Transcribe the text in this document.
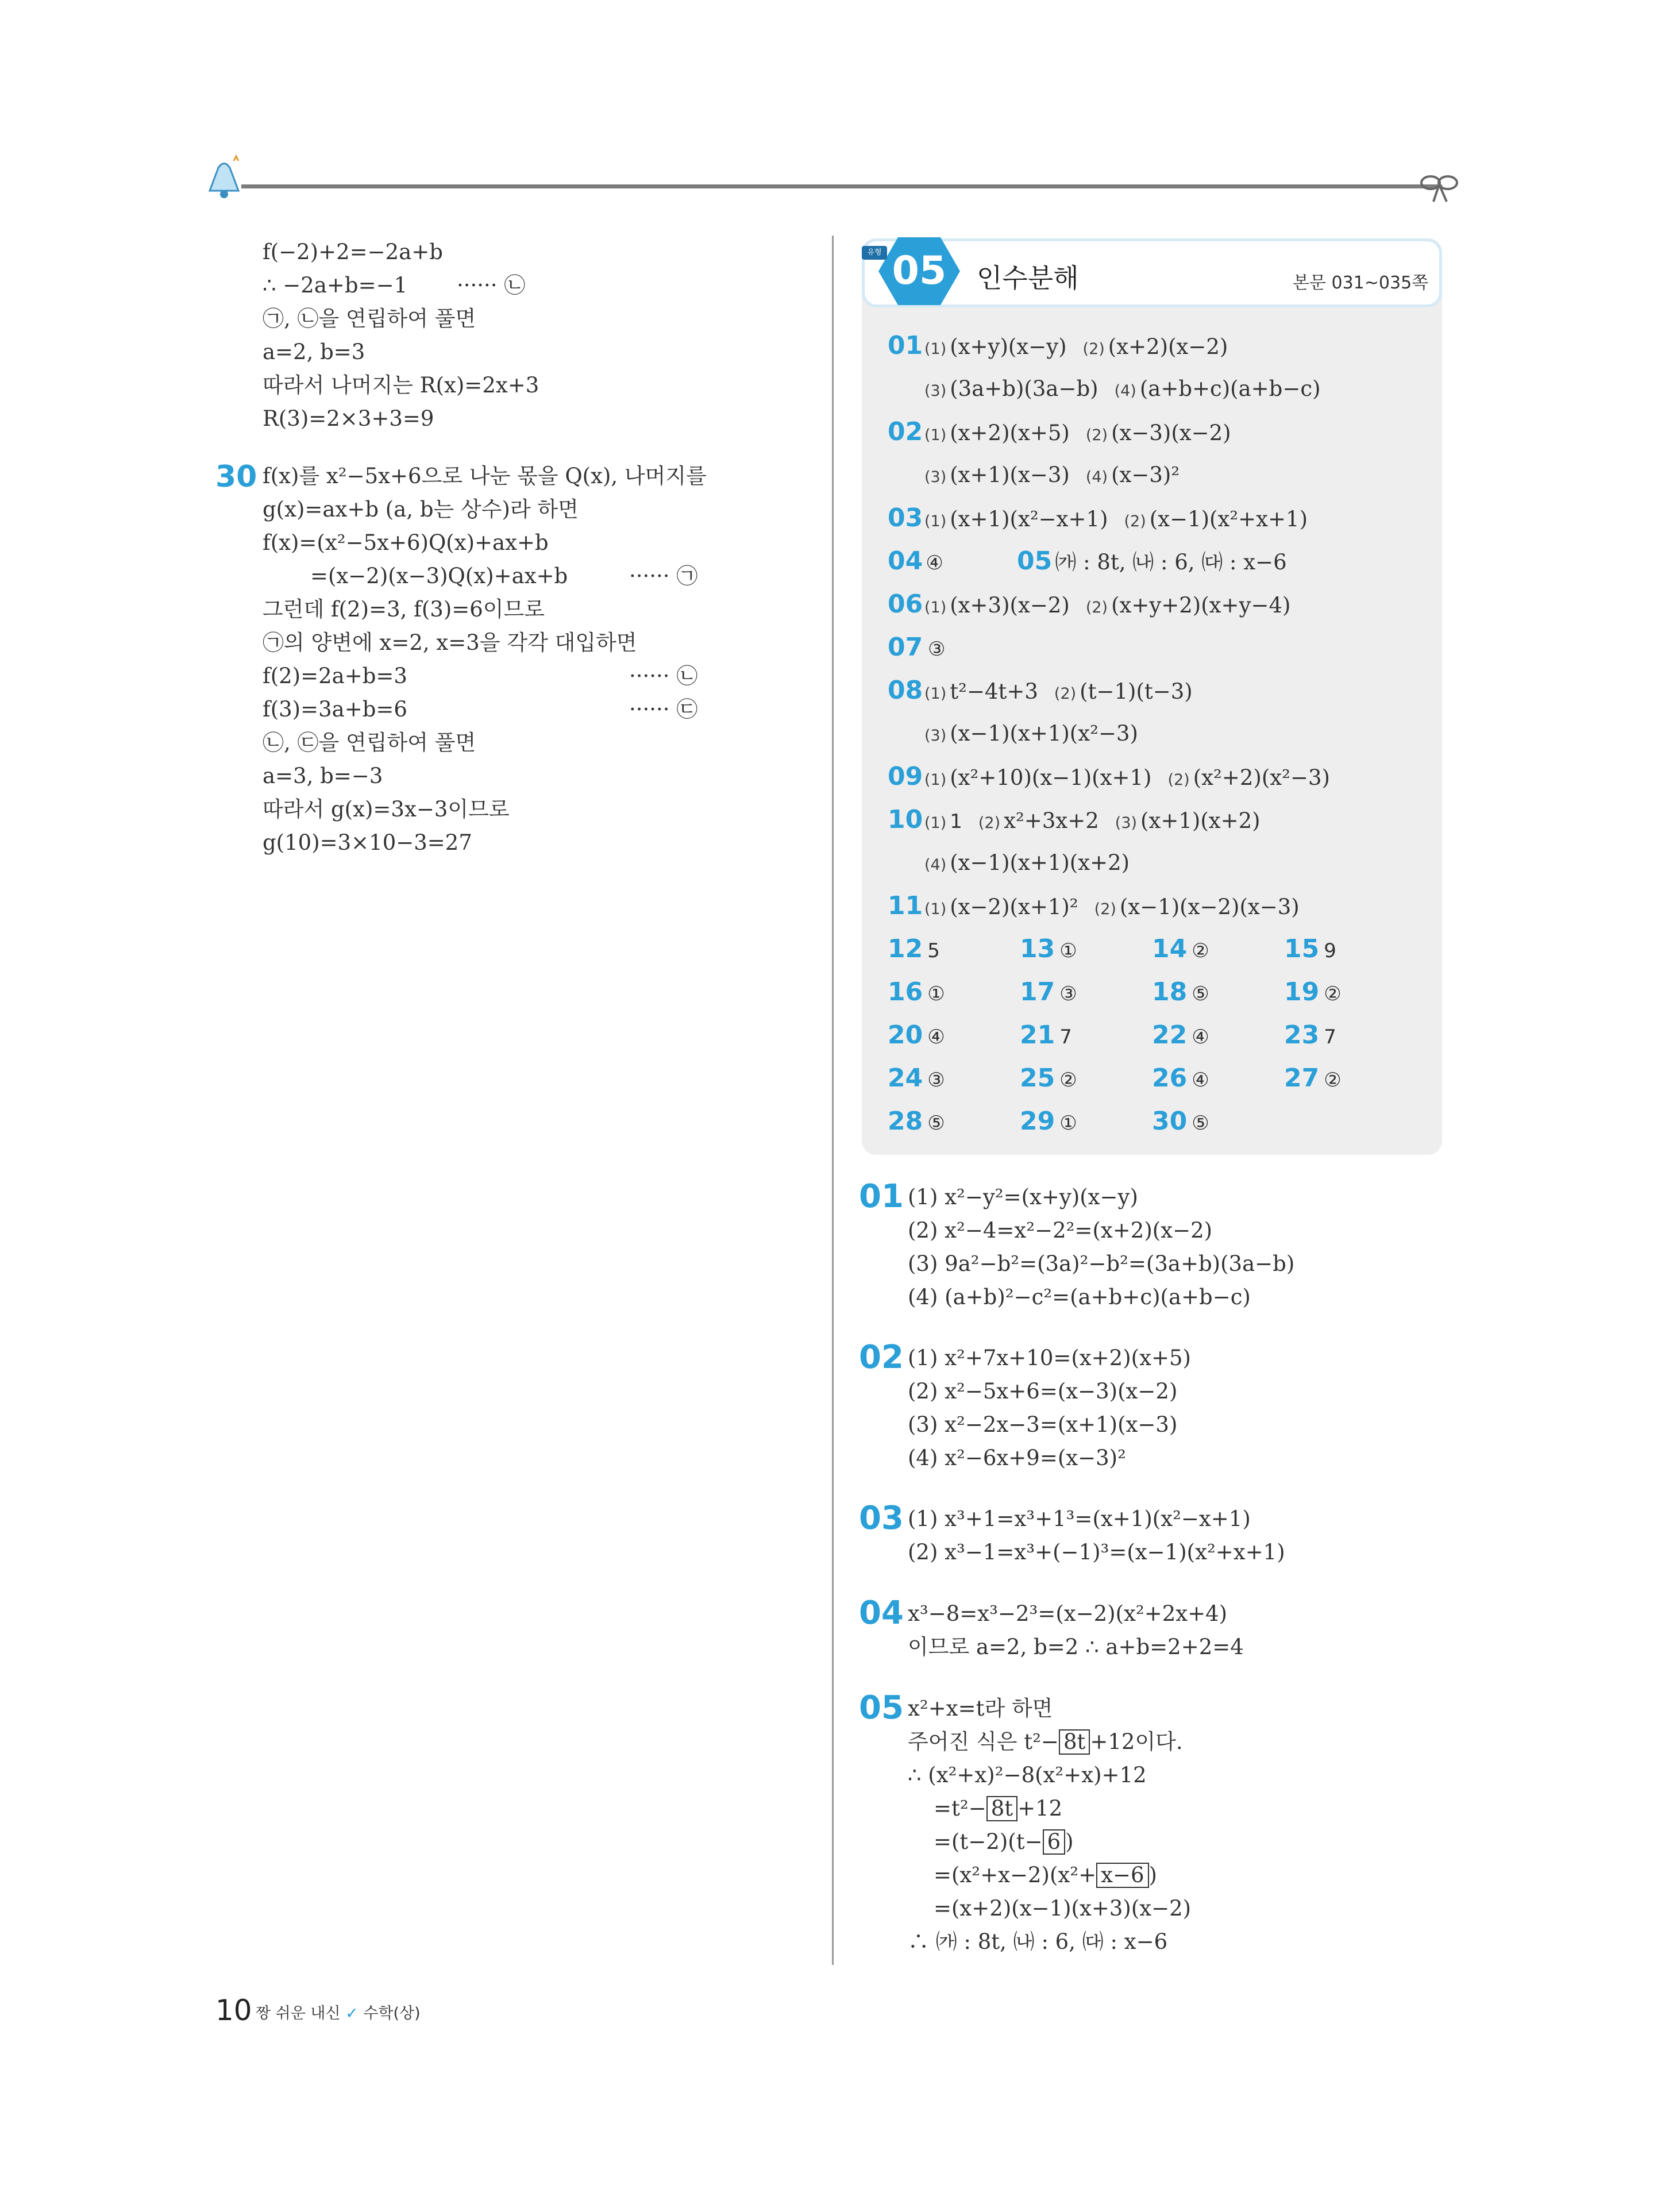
f(−2)+2=−2a+b
∴ −2a+b=−1 ······ ㉡
㉠, ㉡을 연립하여 풀면
a=2, b=3
따라서 나머지는 R(x)=2x+3
R(3)=2×3+3=9
30 f(x)를 x²−5x+6으로 나눈 몫을 Q(x), 나머지를
g(x)=ax+b (a, b는 상수)라 하면
f(x)=(x²−5x+6)Q(x)+ax+b
=(x−2)(x−3)Q(x)+ax+b	······ ㉠
그런데 f(2)=3, f(3)=6이므로
㉠의 양변에 x=2, x=3을 각각 대입하면
f(2)=2a+b=3	······ ㉡
f(3)=3a+b=6	······ ㉢
㉡, ㉢을 연립하여 풀면
a=3, b=−3
따라서 g(x)=3x−3이므로
g(10)=3×10−3=27
05
유형
인수분해	본문 031~035쪽
01 (1) (x+y)(x−y) (2) (x+2)(x−2)
(3) (3a+b)(3a−b) (4) (a+b+c)(a+b−c)
02 (1) (x+2)(x+5) (2) (x−3)(x−2)
(3) (x+1)(x−3) (4) (x−3)²
03 (1) (x+1)(x²−x+1) (2) (x−1)(x²+x+1)
06 (1) (x+3)(x−2) (2) (x+y+2)(x+y−4)
07 ③
08 (1) t²−4t+3 (2) (t−1)(t−3)
(3) (x−1)(x+1)(x²−3)
09 (1) (x²+10)(x−1)(x+1) (2) (x²+2)(x²−3)
10 (1) 1 (2) x²+3x+2 (3) (x+1)(x+2)
(4) (x−1)(x+1)(x+2)
11 (1) (x−2)(x+1)² (2) (x−1)(x−2)(x−3)
04 ④	05 ㈎ : 8t, ㈏ : 6, ㈐ : x−6
12 5	13 ①	14 ②	15 9
16 ①	17 ③	18 ⑤	19 ②
20 ④	21 7	22 ④	23 7
24 ③	25 ②	26 ④	27 ②
28 ⑤	29 ①	30 ⑤
01 (1) x²−y²=(x+y)(x−y)
(2) x²−4=x²−2²=(x+2)(x−2)
(3) 9a²−b²=(3a)²−b²=(3a+b)(3a−b)
(4) (a+b)²−c²=(a+b+c)(a+b−c)
02 (1) x²+7x+10=(x+2)(x+5)
(2) x²−5x+6=(x−3)(x−2)
(3) x²−2x−3=(x+1)(x−3)
(4) x²−6x+9=(x−3)²
03 (1) x³+1=x³+1³=(x+1)(x²−x+1)
(2) x³−1=x³+(−1)³=(x−1)(x²+x+1)
04 x³−8=x³−2³=(x−2)(x²+2x+4)
이므로 a=2, b=2 ∴ a+b=2+2=4
05 x²+x=t라 하면
주어진 식은 t²− 8t +12이다.
∴ (x²+x)²−8(x²+x)+12
=t²− 8t +12
=(t−2)(t− 6 )
=(x²+x−2)(x²+ x−6 )
=(x+2)(x−1)(x+3)(x−2)
∴ ㈎ : 8t, ㈏ : 6, ㈐ : x−6
10 짱 쉬운 내신 ✓ 수학(상)
